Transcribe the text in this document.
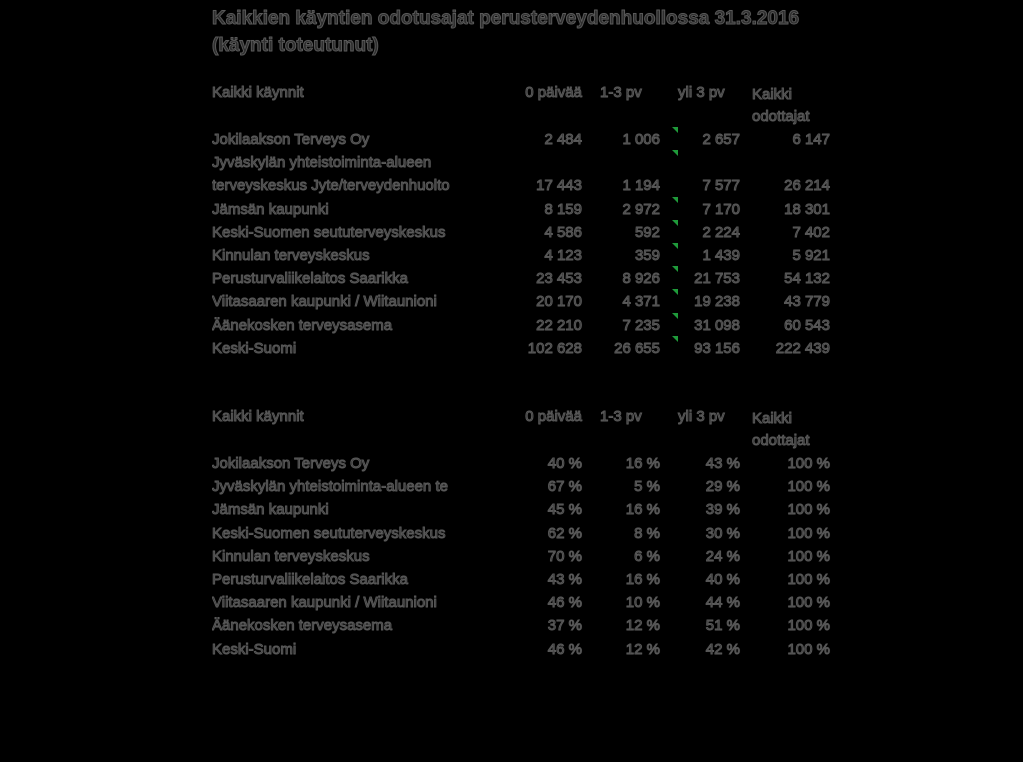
Kaikkien käyntien odotusajat perusterveydenhuollossa 31.3.2016
(käynti toteutunut)
Kaikki käynnit	0 päivää	1-3 pv	yli 3 pv	Kaikki
odottajat

Jokilaakson Terveys Oy	2 484	1 006	2 657	6 147
Jyväskylän yhteistoiminta-alueen				
terveyskeskus Jyte/terveydenhuolto	17 443	1 194	7 577	26 214
Jämsän kaupunki	8 159	2 972	7 170	18 301
Keski-Suomen seututerveyskeskus	4 586	592	2 224	7 402
Kinnulan terveyskeskus	4 123	359	1 439	5 921
Perusturvaliikelaitos Saarikka	23 453	8 926	21 753	54 132
Viitasaaren kaupunki / Wiitaunioni	20 170	4 371	19 238	43 779
Äänekosken terveysasema	22 210	7 235	31 098	60 543
Keski-Suomi	102 628	26 655	93 156	222 439
Kaikki käynnit	0 päivää	1-3 pv	yli 3 pv	Kaikki
odottajat

Jokilaakson Terveys Oy	40 %	16 %	43 %	100 %
Jyväskylän yhteistoiminta-alueen te	67 %	5 %	29 %	100 %
Jämsän kaupunki	45 %	16 %	39 %	100 %
Keski-Suomen seututerveyskeskus	62 %	8 %	30 %	100 %
Kinnulan terveyskeskus	70 %	6 %	24 %	100 %
Perusturvaliikelaitos Saarikka	43 %	16 %	40 %	100 %
Viitasaaren kaupunki / Wiitaunioni	46 %	10 %	44 %	100 %
Äänekosken terveysasema	37 %	12 %	51 %	100 %
Keski-Suomi	46 %	12 %	42 %	100 %
